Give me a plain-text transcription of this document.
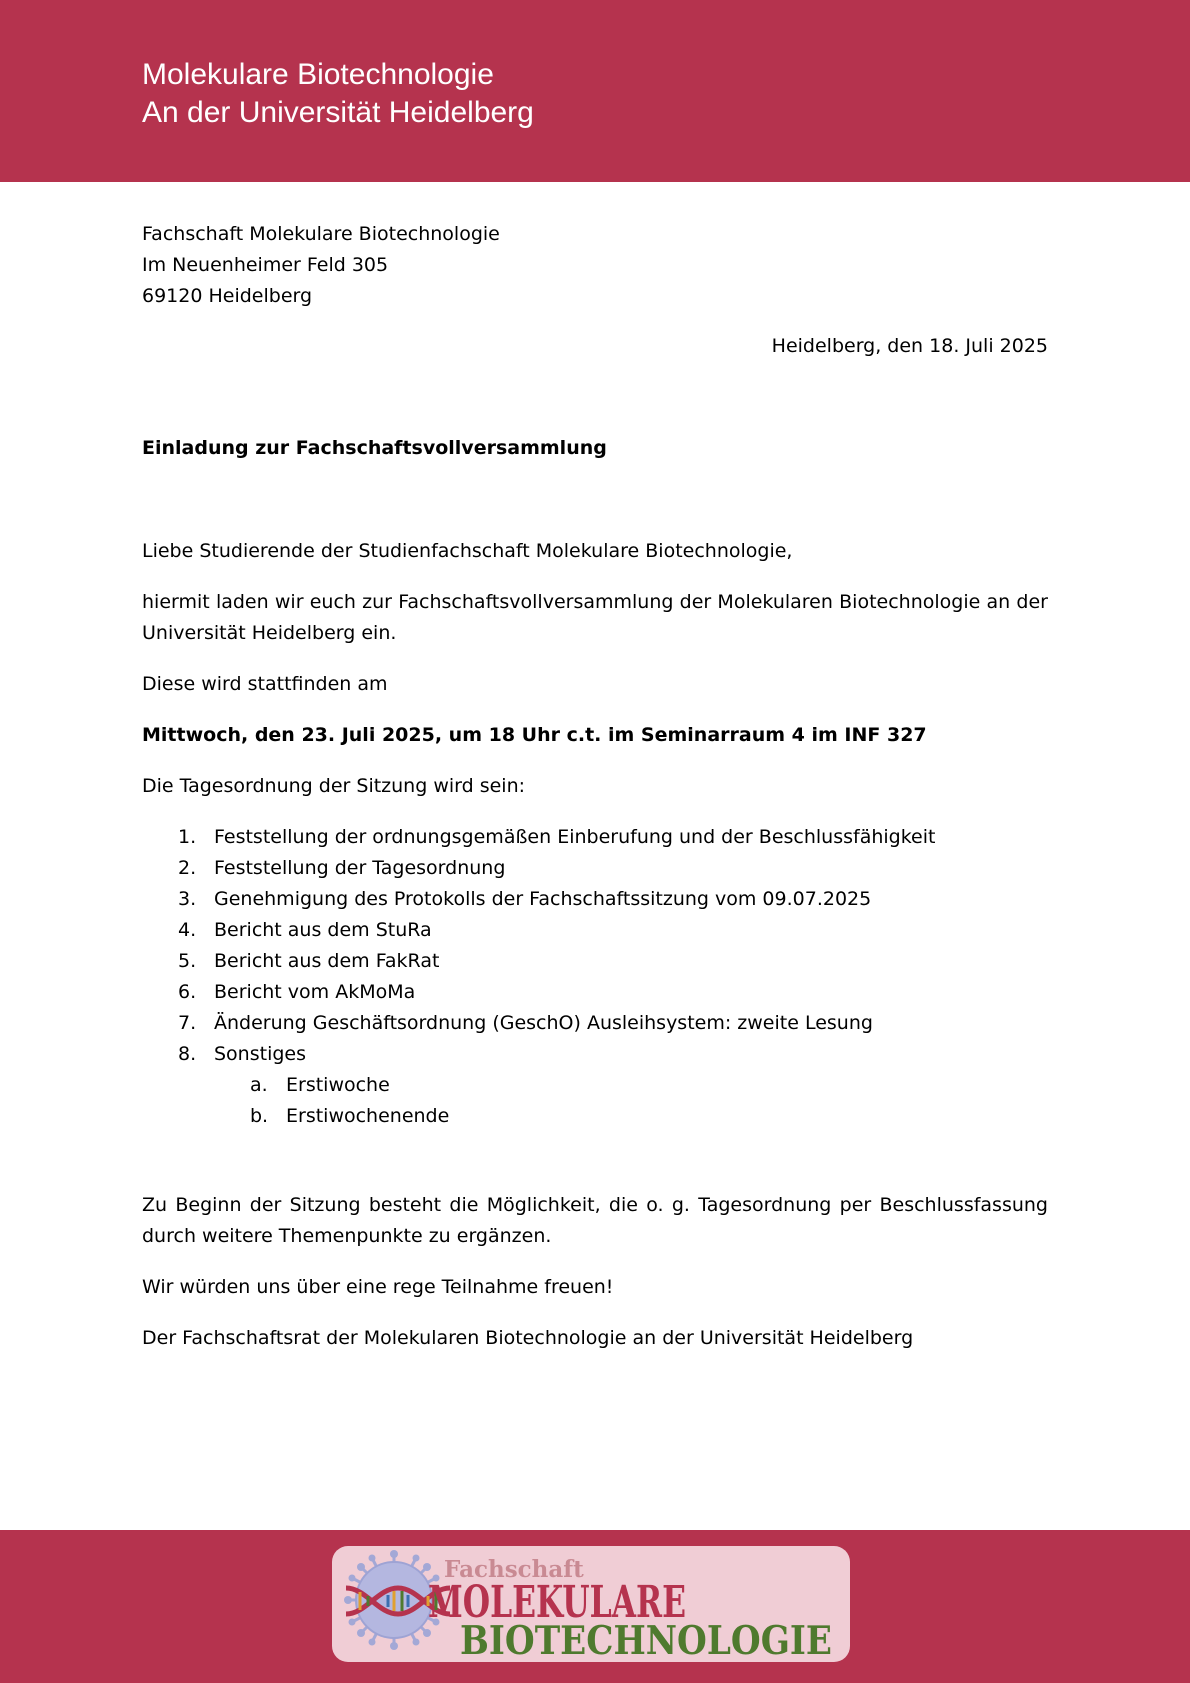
Molekulare Biotechnologie
An der Universität Heidelberg
Fachschaft Molekulare Biotechnologie
Im Neuenheimer Feld 305
69120 Heidelberg
Heidelberg, den 18. Juli 2025
Einladung zur Fachschaftsvollversammlung

Liebe Studierende der Studienfachschaft Molekulare Biotechnologie,

hiermit laden wir euch zur Fachschaftsvollversammlung der Molekularen Biotechnologie an der Universität Heidelberg ein.

Diese wird stattfinden am

Mittwoch, den 23. Juli 2025, um 18 Uhr c.t. im Seminarraum 4 im INF 327

Die Tagesordnung der Sitzung wird sein:

1. Feststellung der ordnungsgemäßen Einberufung und der Beschlussfähigkeit
2. Feststellung der Tagesordnung
3. Genehmigung des Protokolls der Fachschaftssitzung vom 09.07.2025
4. Bericht aus dem StuRa
5. Bericht aus dem FakRat
6. Bericht vom AkMoMa
7. Änderung Geschäftsordnung (GeschO) Ausleihsystem: zweite Lesung
8. Sonstiges
a. Erstiwoche
b. Erstiwochenende

Zu Beginn der Sitzung besteht die Möglichkeit, die o. g. Tagesordnung per Beschlussfassung durch weitere Themenpunkte zu ergänzen.

Wir würden uns über eine rege Teilnahme freuen!

Der Fachschaftsrat der Molekularen Biotechnologie an der Universität Heidelberg

Fachschaft
MOLEKULARE
BIOTECHNOLOGIE
